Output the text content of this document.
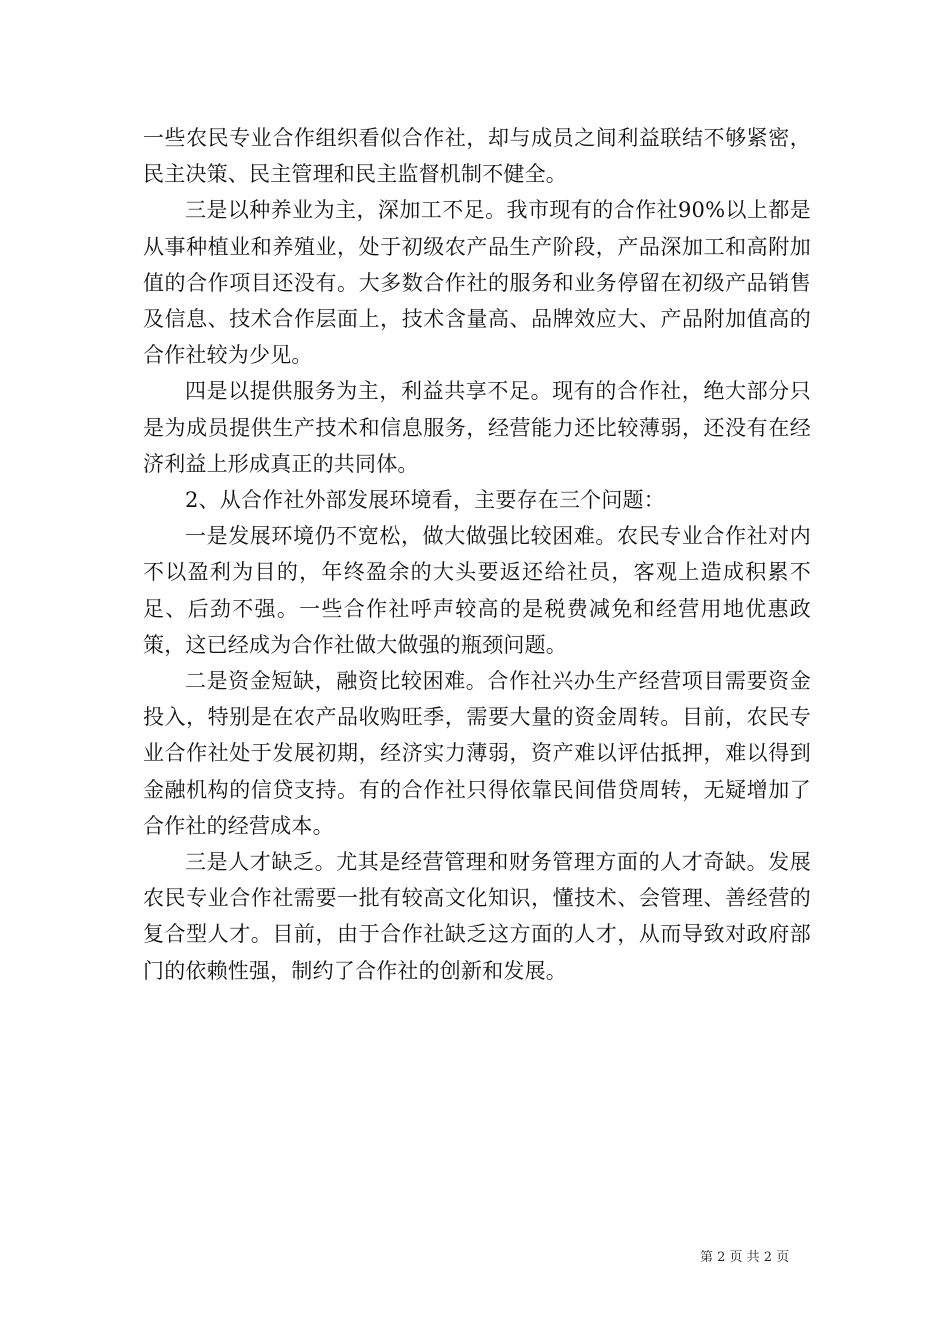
一些农民专业合作组织看似合作社，却与成员之间利益联结不够紧密，民主决策、民主管理和民主监督机制不健全。

三是以种养业为主，深加工不足。我市现有的合作社90%以上都是从事种植业和养殖业，处于初级农产品生产阶段，产品深加工和高附加值的合作项目还没有。大多数合作社的服务和业务停留在初级产品销售及信息、技术合作层面上，技术含量高、品牌效应大、产品附加值高的合作社较为少见。

四是以提供服务为主，利益共享不足。现有的合作社，绝大部分只是为成员提供生产技术和信息服务，经营能力还比较薄弱，还没有在经济利益上形成真正的共同体。

2、从合作社外部发展环境看，主要存在三个问题：

一是发展环境仍不宽松，做大做强比较困难。农民专业合作社对内不以盈利为目的，年终盈余的大头要返还给社员，客观上造成积累不足、后劲不强。一些合作社呼声较高的是税费减免和经营用地优惠政策，这已经成为合作社做大做强的瓶颈问题。

二是资金短缺，融资比较困难。合作社兴办生产经营项目需要资金投入，特别是在农产品收购旺季，需要大量的资金周转。目前，农民专业合作社处于发展初期，经济实力薄弱，资产难以评估抵押，难以得到金融机构的信贷支持。有的合作社只得依靠民间借贷周转，无疑增加了合作社的经营成本。

三是人才缺乏。尤其是经营管理和财务管理方面的人才奇缺。发展农民专业合作社需要一批有较高文化知识，懂技术、会管理、善经营的复合型人才。目前，由于合作社缺乏这方面的人才，从而导致对政府部门的依赖性强，制约了合作社的创新和发展。

第 2 页 共 2 页
